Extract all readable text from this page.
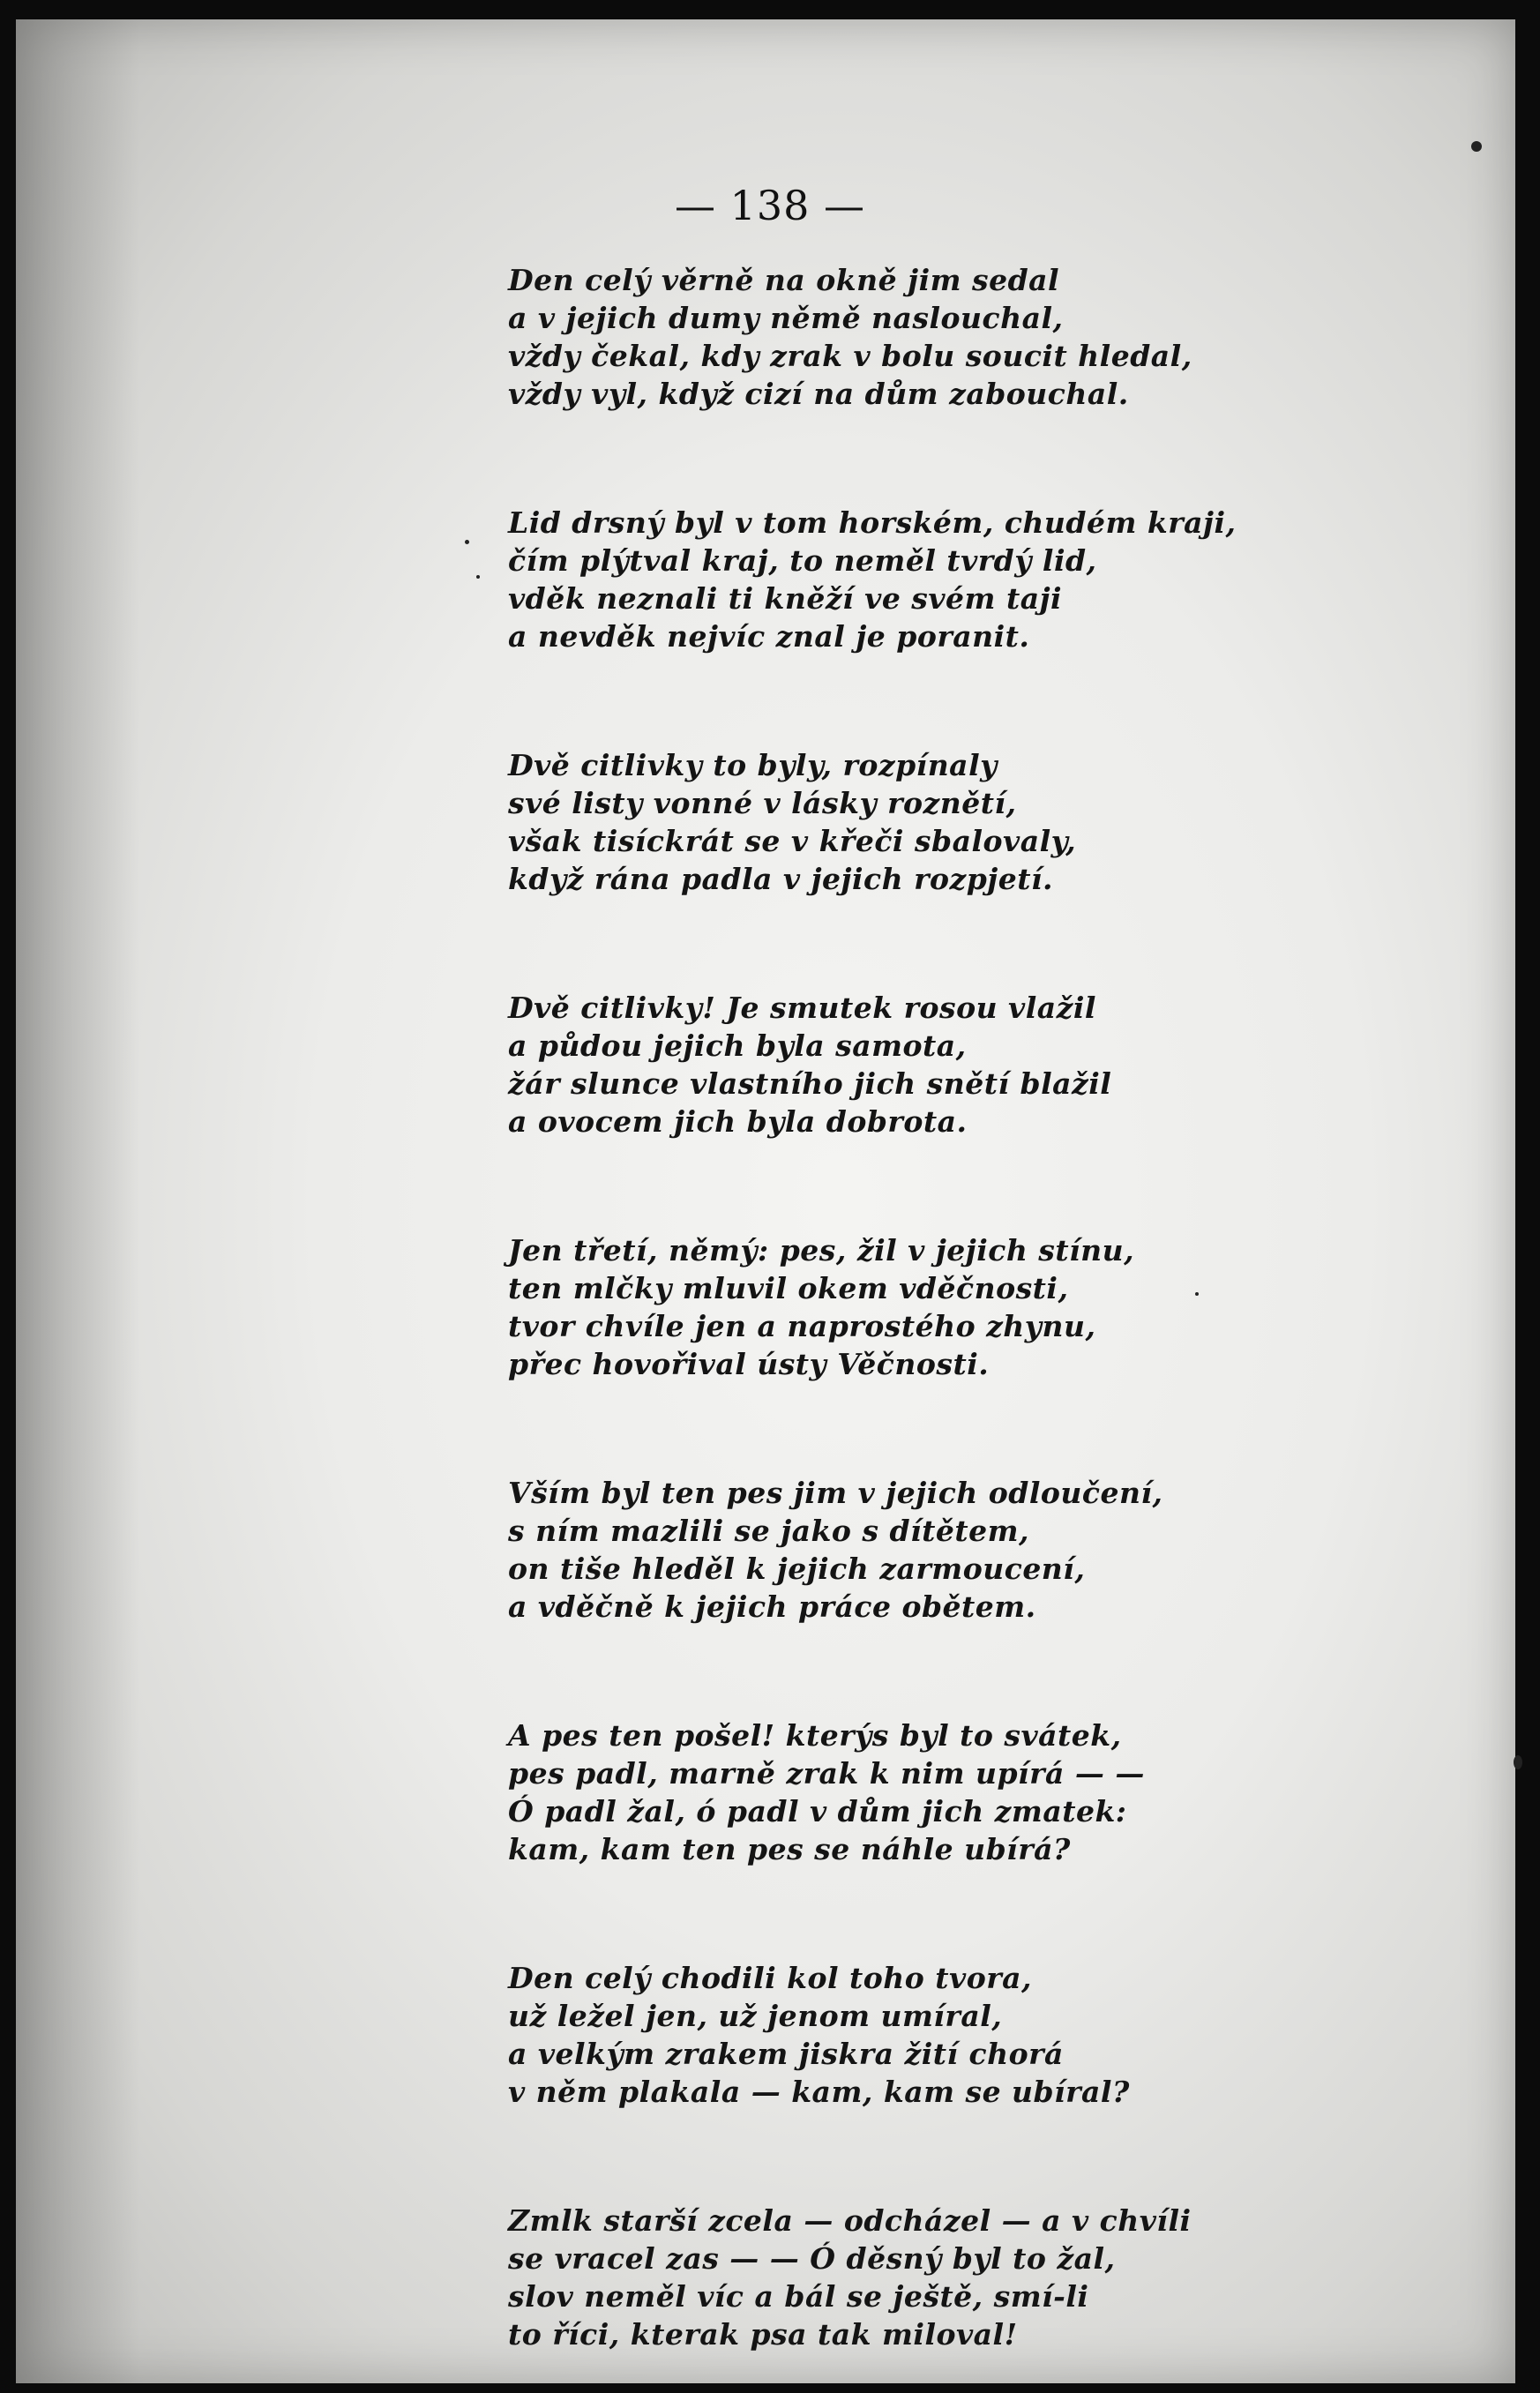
— 138 —
Den celý věrně na okně jim sedal
a v jejich dumy němě naslouchal,
vždy čekal, kdy zrak v bolu soucit hledal,
vždy vyl, když cizí na dům zabouchal.
Lid drsný byl v tom horském, chudém kraji,
čím plýtval kraj, to neměl tvrdý lid,
vděk neznali ti kněží ve svém taji
a nevděk nejvíc znal je poranit.
Dvě citlivky to byly, rozpínaly
své listy vonné v lásky roznětí,
však tisíckrát se v křeči sbalovaly,
když rána padla v jejich rozpjetí.
Dvě citlivky! Je smutek rosou vlažil
a půdou jejich byla samota,
žár slunce vlastního jich snětí blažil
a ovocem jich byla dobrota.
Jen třetí, němý: pes, žil v jejich stínu,
ten mlčky mluvil okem vděčnosti,
tvor chvíle jen a naprostého zhynu,
přec hovořival ústy Věčnosti.
Vším byl ten pes jim v jejich odloučení,
s ním mazlili se jako s dítětem,
on tiše hleděl k jejich zarmoucení,
a vděčně k jejich práce obětem.
A pes ten pošel! kterýs byl to svátek,
pes padl, marně zrak k nim upírá — —
Ó padl žal, ó padl v dům jich zmatek:
kam, kam ten pes se náhle ubírá?
Den celý chodili kol toho tvora,
už ležel jen, už jenom umíral,
a velkým zrakem jiskra žití chorá
v něm plakala — kam, kam se ubíral?
Zmlk starší zcela — odcházel — a v chvíli
se vracel zas — — Ó děsný byl to žal,
slov neměl víc a bál se ještě, smí-li
to říci, kterak psa tak miloval!
